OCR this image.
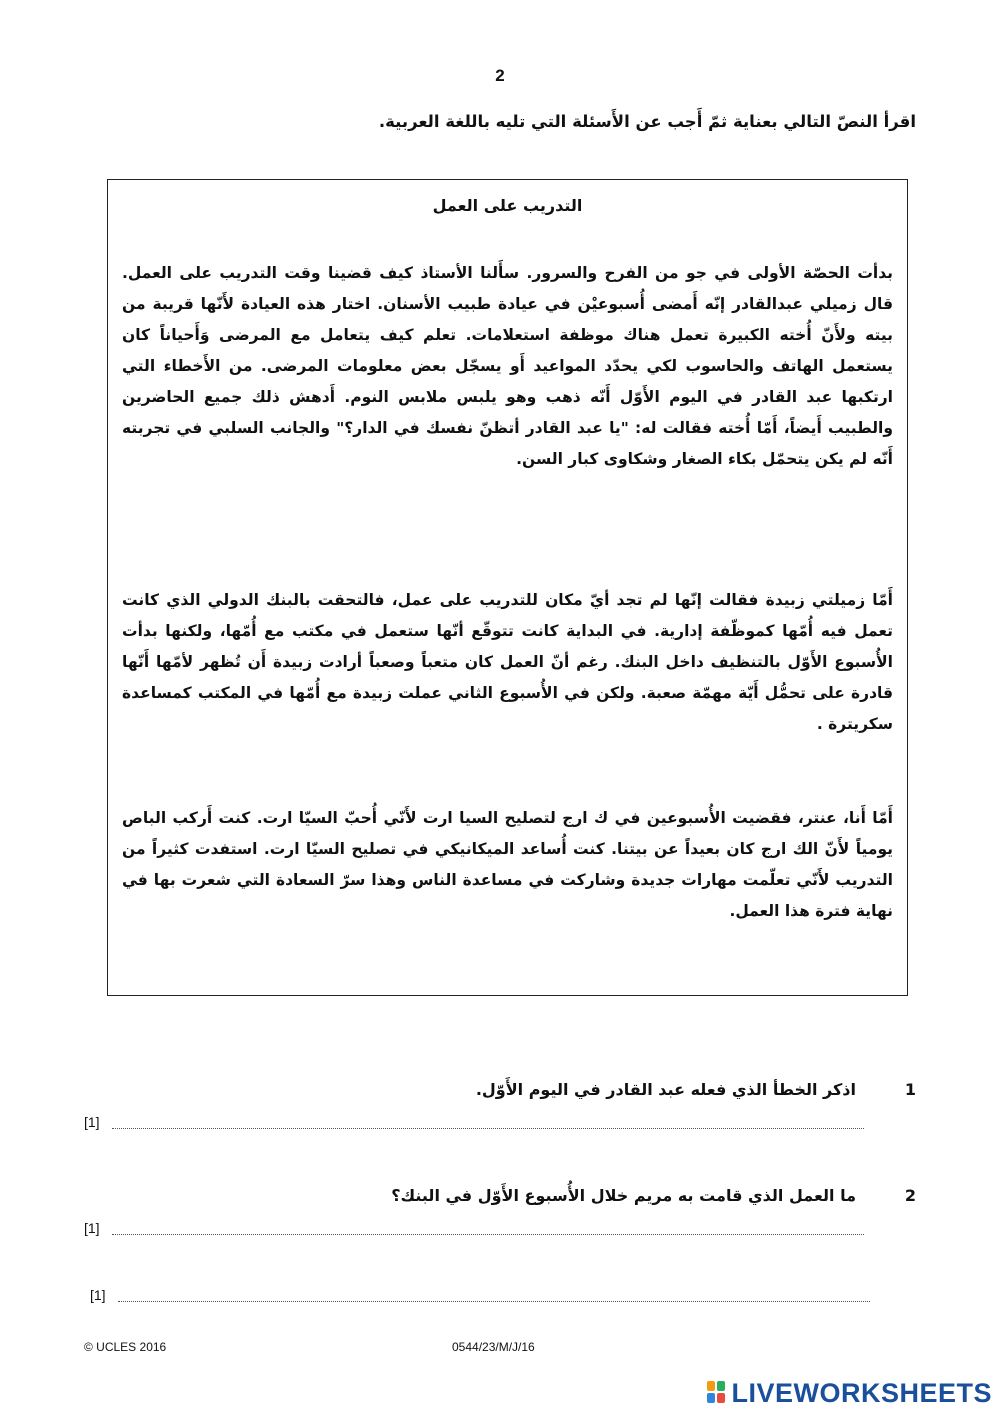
2
اقرأ النصّ التالي بعناية ثمّ أَجب عن الأَسئلة التي تليه باللغة العربية.
التدريب على العمل

بدأت الحصّة الأولى في جو من الفرح والسرور. سأَلنا الأستاذ كيف قضينا وقت التدريب على العمل. قال زميلي عبدالقادر إنّه أَمضى أُسبوعيْن في عيادة طبيب الأسنان. اختار هذه العيادة لأَنّها قريبة من بيته ولأَنّ أُخته الكبيرة تعمل هناك موظفة استعلامات. تعلم كيف يتعامل مع المرضى وَأَحياناً كان يستعمل الهاتف والحاسوب لكي يحدّد المواعيد أَو يسجّل بعض معلومات المرضى. من الأَخطاء التي ارتكبها عبد القادر في اليوم الأَوّل أَنّه ذهب وهو يلبس ملابس النوم. أَدهش ذلك جميع الحاضرين والطبيب أَيضاً، أَمّا أُخته فقالت له: "يا عبد القادر أتظنّ نفسك في الدار؟" والجانب السلبي في تجربته أَنّه لم يكن يتحمّل بكاء الصغار وشكاوى كبار السن.

أَمّا زميلتي زبيدة فقالت إنّها لم تجد أيّ مكان للتدريب على عمل، فالتحقت بالبنك الدولي الذي كانت تعمل فيه أُمّها كموظّفة إدارية. في البداية كانت تتوقّع أنّها ستعمل في مكتب مع أُمّها، ولكنها بدأت الأُسبوع الأَوّل بالتنظيف داخل البنك. رغم أنّ العمل كان متعباً وصعباً أرادت زبيدة أَن تُظهر لأمّها أَنّها قادرة على تحمُّل أَيّة مهمّة صعبة. ولكن في الأُسبوع الثاني عملت زبيدة مع أُمّها في المكتب كمساعدة سكريترة .

أَمّا أَنا، عنتر، فقضيت الأُسبوعين في ك ارج لتصليح السيا ارت لأَنّي أُحبّ السيّا ارت. كنت أَركب الباص يومياً لأَنّ الك ارج كان بعيداً عن بيتنا. كنت أُساعد الميكانيكي في تصليح السيّا ارت. استفدت كثيراً من التدريب لأَنّي تعلّمت مهارات جديدة وشاركت في مساعدة الناس وهذا سرّ السعادة التي شعرت بها في نهاية فترة هذا العمل.

1اذكر الخطأ الذي فعله عبد القادر في اليوم الأَوّل.
[1]
2ما العمل الذي قامت به مريم خلال الأُسبوع الأَوّل في البنك؟
[1]
[1]
© UCLES 2016	0544/23/M/J/16
LIVEWORKSHEETS
